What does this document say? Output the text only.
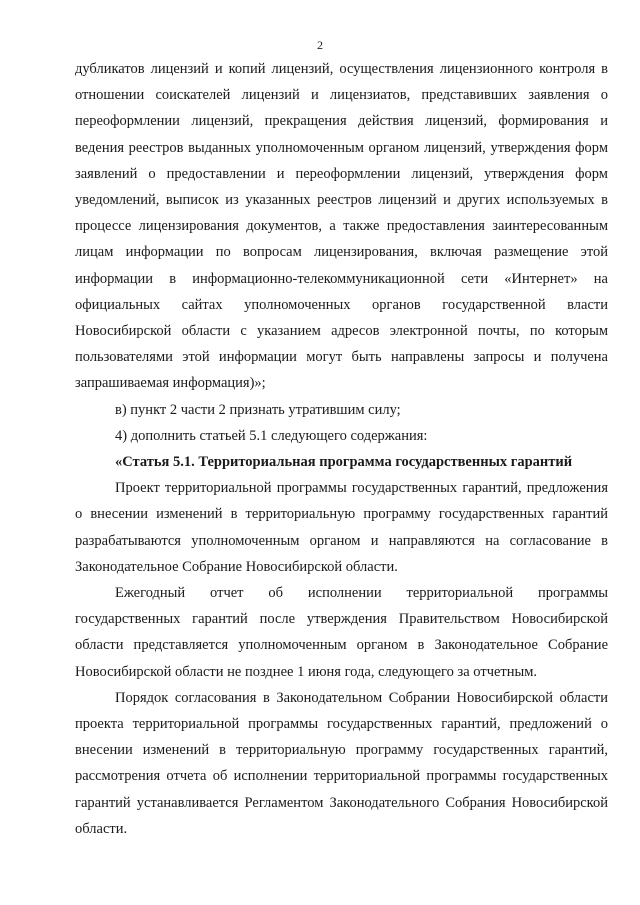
2

дубликатов лицензий и копий лицензий, осуществления лицензионного контроля в отношении соискателей лицензий и лицензиатов, представивших заявления о переоформлении лицензий, прекращения действия лицензий, формирования и ведения реестров выданных уполномоченным органом лицензий, утверждения форм заявлений о предоставлении и переоформлении лицензий, утверждения форм уведомлений, выписок из указанных реестров лицензий и других используемых в процессе лицензирования документов, а также предоставления заинтересованным лицам информации по вопросам лицензирования, включая размещение этой информации в информационно-телекоммуникационной сети «Интернет» на официальных сайтах уполномоченных органов государственной власти Новосибирской области с указанием адресов электронной почты, по которым пользователями этой информации могут быть направлены запросы и получена запрашиваемая информация)»;

в) пункт 2 части 2 признать утратившим силу;

4) дополнить статьей 5.1 следующего содержания:

«Статья 5.1. Территориальная программа государственных гарантий

Проект территориальной программы государственных гарантий, предложения о внесении изменений в территориальную программу государственных гарантий разрабатываются уполномоченным органом и направляются на согласование в Законодательное Собрание Новосибирской области.

Ежегодный отчет об исполнении территориальной программы государственных гарантий после утверждения Правительством Новосибирской области представляется уполномоченным органом в Законодательное Собрание Новосибирской области не позднее 1 июня года, следующего за отчетным.

Порядок согласования в Законодательном Собрании Новосибирской области проекта территориальной программы государственных гарантий, предложений о внесении изменений в территориальную программу государственных гарантий, рассмотрения отчета об исполнении территориальной программы государственных гарантий устанавливается Регламентом Законодательного Собрания Новосибирской области.
